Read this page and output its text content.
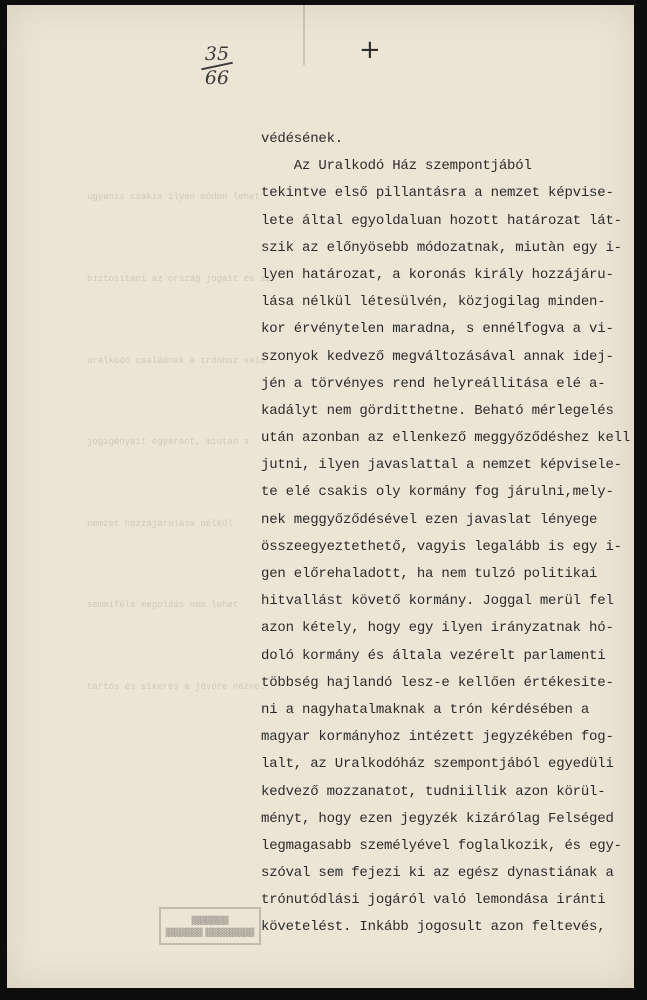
35
66
+

ugyanis csakis ilyen módon lehet

biztosítani az ország jogait és az

uralkodó családnak a trónhoz való

jogigényeit egyaránt, miután a

nemzet hozzájárulása nélkül

semmiféle megoldás nem lehet

tartós és sikeres a jövőre nézve.

védésének.
Az Uralkodó Ház szempontjából
tekintve első pillantásra a nemzet képvise-
lete által egyoldaluan hozott határozat lát-
szik az előnyösebb módozatnak, miutàn egy i-
lyen határozat, a koronás király hozzájáru-
lása nélkül létesülvén, közjogilag minden-
kor érvénytelen maradna, s ennélfogva a vi-
szonyok kedvező megváltozásával annak idej-
jén a törvényes rend helyreállitása elé a-
kadályt nem görditthetne. Beható mérlegelés
után azonban az ellenkező meggyőződéshez kell
jutni, ilyen javaslattal a nemzet képvisele-
te elé csakis oly kormány fog járulni,mely-
nek meggyőződésével ezen javaslat lényege
összeegyeztethető, vagyis legalább is egy i-
gen előrehaladott, ha nem tulzó politikai
hitvallást követő kormány. Joggal merül fel
azon kétely, hogy egy ilyen irányzatnak hó-
doló kormány és általa vezérelt parlamenti
többség hajlandó lesz-e kellően értékesite-
ni a nagyhatalmaknak a trón kérdésében a
magyar kormányhoz intézett jegyzékében fog-
lalt, az Uralkodóház szempontjából egyedüli
kedvező mozzanatot, tudniillik azon körül-
ményt, hogy ezen jegyzék kizárólag Felséged
legmagasabb személyével foglalkozik, és egy-
szóval sem fejezi ki az egész dynastiának a
trónutódlási jogáról való lemondása iránti
követelést. Inkább jogosult azon feltevés,
▓▓▓▓▓▓
▓▓▓▓▓▓ ▓▓▓▓▓▓▓▓
